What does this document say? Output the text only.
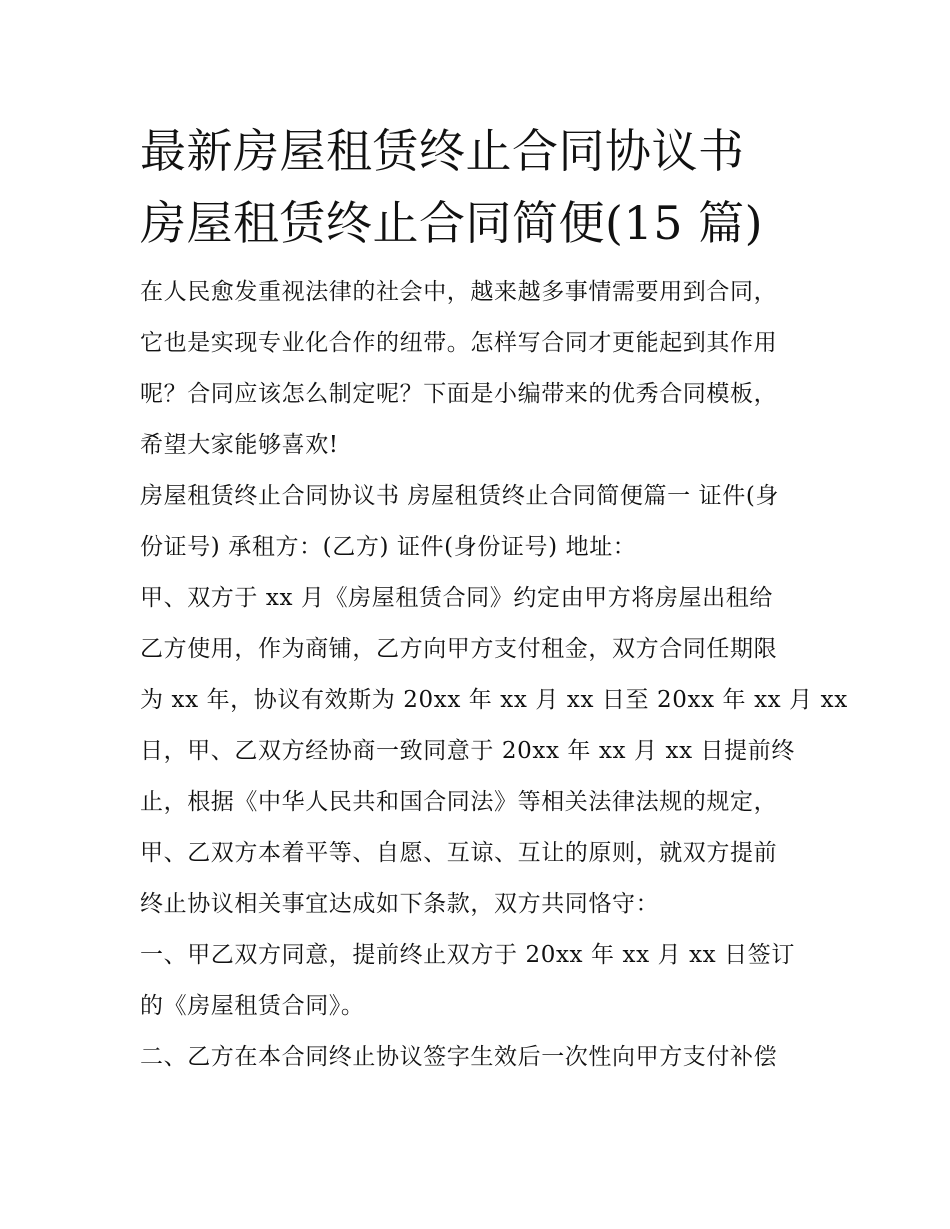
最新房屋租赁终止合同协议书
房屋租赁终止合同简便(15 篇)
在人民愈发重视法律的社会中，越来越多事情需要用到合同，
它也是实现专业化合作的纽带。怎样写合同才更能起到其作用
呢？合同应该怎么制定呢？下面是小编带来的优秀合同模板，
希望大家能够喜欢!
房屋租赁终止合同协议书 房屋租赁终止合同简便篇一 证件(身
份证号) 承租方：(乙方) 证件(身份证号) 地址：
甲、双方于 xx 月《房屋租赁合同》约定由甲方将房屋出租给
乙方使用，作为商铺，乙方向甲方支付租金，双方合同任期限
为 xx 年，协议有效斯为 20xx 年 xx 月 xx 日至 20xx 年 xx 月 xx
日，甲、乙双方经协商一致同意于 20xx 年 xx 月 xx 日提前终
止，根据《中华人民共和国合同法》等相关法律法规的规定，
甲、乙双方本着平等、自愿、互谅、互让的原则，就双方提前
终止协议相关事宜达成如下条款，双方共同恪守：
一、甲乙双方同意，提前终止双方于 20xx 年 xx 月 xx 日签订
的《房屋租赁合同》。
二、乙方在本合同终止协议签字生效后一次性向甲方支付补偿
